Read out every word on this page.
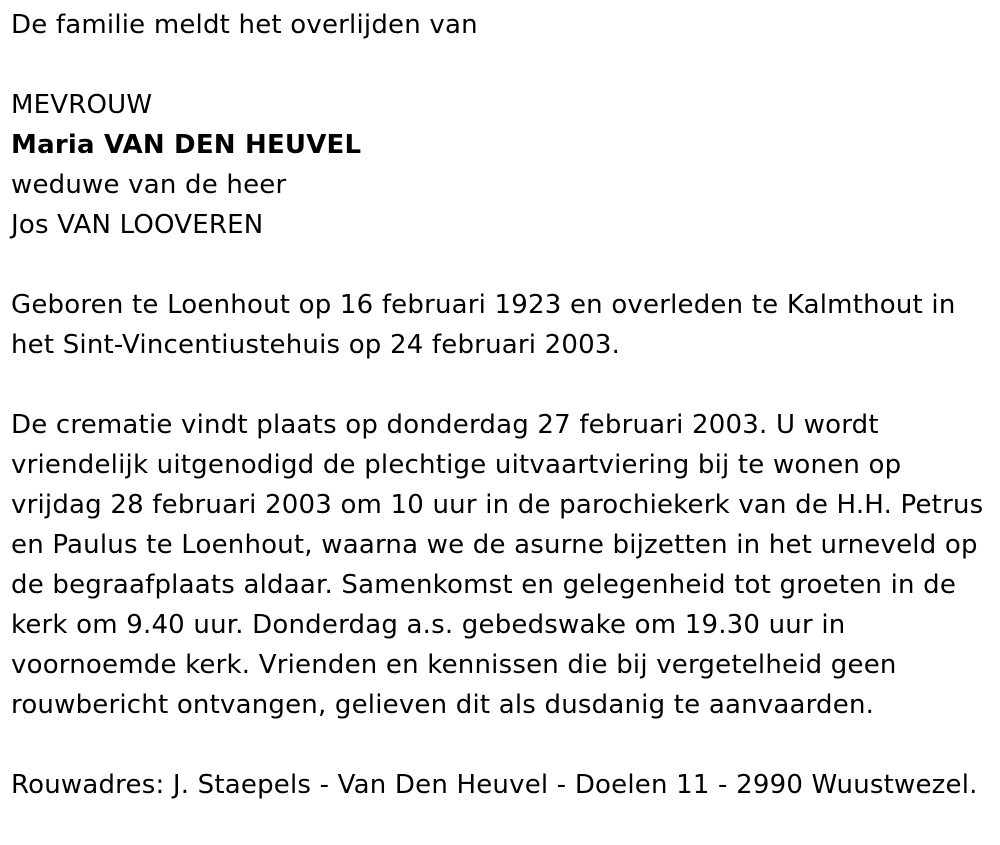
De familie meldt het overlijden van
MEVROUW
Maria VAN DEN HEUVEL
weduwe van de heer
Jos VAN LOOVEREN
Geboren te Loenhout op 16 februari 1923 en overleden te Kalmthout in
het Sint-Vincentiustehuis op 24 februari 2003.
De crematie vindt plaats op donderdag 27 februari 2003. U wordt
vriendelijk uitgenodigd de plechtige uitvaartviering bij te wonen op
vrijdag 28 februari 2003 om 10 uur in de parochiekerk van de H.H. Petrus
en Paulus te Loenhout, waarna we de asurne bijzetten in het urneveld op
de begraafplaats aldaar. Samenkomst en gelegenheid tot groeten in de
kerk om 9.40 uur. Donderdag a.s. gebedswake om 19.30 uur in
voornoemde kerk. Vrienden en kennissen die bij vergetelheid geen
rouwbericht ontvangen, gelieven dit als dusdanig te aanvaarden.
Rouwadres: J. Staepels - Van Den Heuvel - Doelen 11 - 2990 Wuustwezel.
